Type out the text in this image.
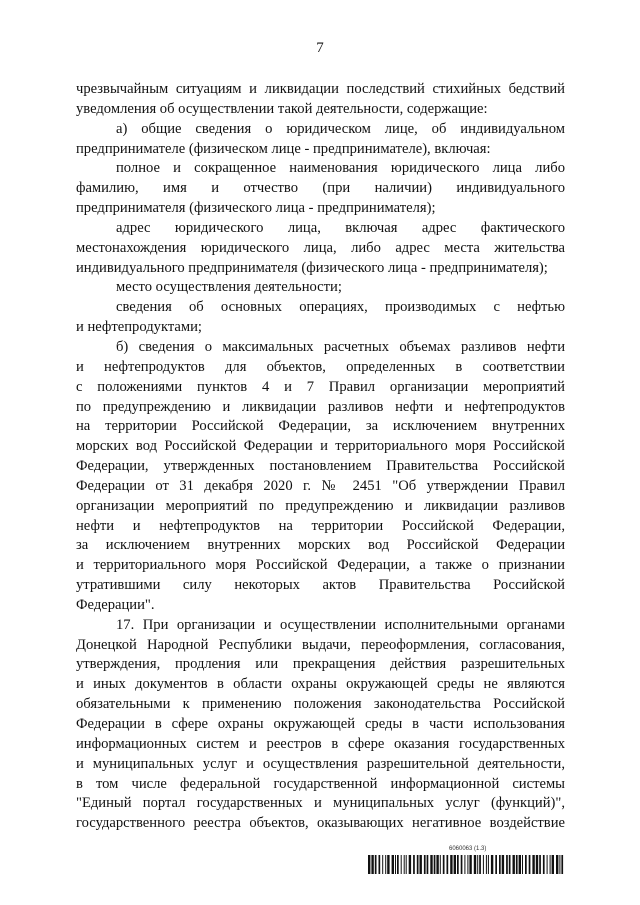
7
чрезвычайным ситуациям и ликвидации последствий стихийных бедствий
уведомления об осуществлении такой деятельности, содержащие:
а) общие сведения о юридическом лице, об индивидуальном
предпринимателе (физическом лице - предпринимателе), включая:
полное и сокращенное наименования юридического лица либо
фамилию, имя и отчество (при наличии) индивидуального
предпринимателя (физического лица - предпринимателя);
адрес юридического лица, включая адрес фактического
местонахождения юридического лица, либо адрес места жительства
индивидуального предпринимателя (физического лица - предпринимателя);
место осуществления деятельности;
сведения об основных операциях, производимых с нефтью
и нефтепродуктами;
б) сведения о максимальных расчетных объемах разливов нефти
и нефтепродуктов для объектов, определенных в соответствии
с положениями пунктов 4 и 7 Правил организации мероприятий
по предупреждению и ликвидации разливов нефти и нефтепродуктов
на территории Российской Федерации, за исключением внутренних
морских вод Российской Федерации и территориального моря Российской
Федерации, утвержденных постановлением Правительства Российской
Федерации от 31 декабря 2020 г. № 2451 "Об утверждении Правил
организации мероприятий по предупреждению и ликвидации разливов
нефти и нефтепродуктов на территории Российской Федерации,
за исключением внутренних морских вод Российской Федерации
и территориального моря Российской Федерации, а также о признании
утратившими силу некоторых актов Правительства Российской
Федерации".
17. При организации и осуществлении исполнительными органами
Донецкой Народной Республики выдачи, переоформления, согласования,
утверждения, продления или прекращения действия разрешительных
и иных документов в области охраны окружающей среды не являются
обязательными к применению положения законодательства Российской
Федерации в сфере охраны окружающей среды в части использования
информационных систем и реестров в сфере оказания государственных
и муниципальных услуг и осуществления разрешительной деятельности,
в том числе федеральной государственной информационной системы
"Единый портал государственных и муниципальных услуг (функций)",
государственного реестра объектов, оказывающих негативное воздействие
6060063 (1.3)
